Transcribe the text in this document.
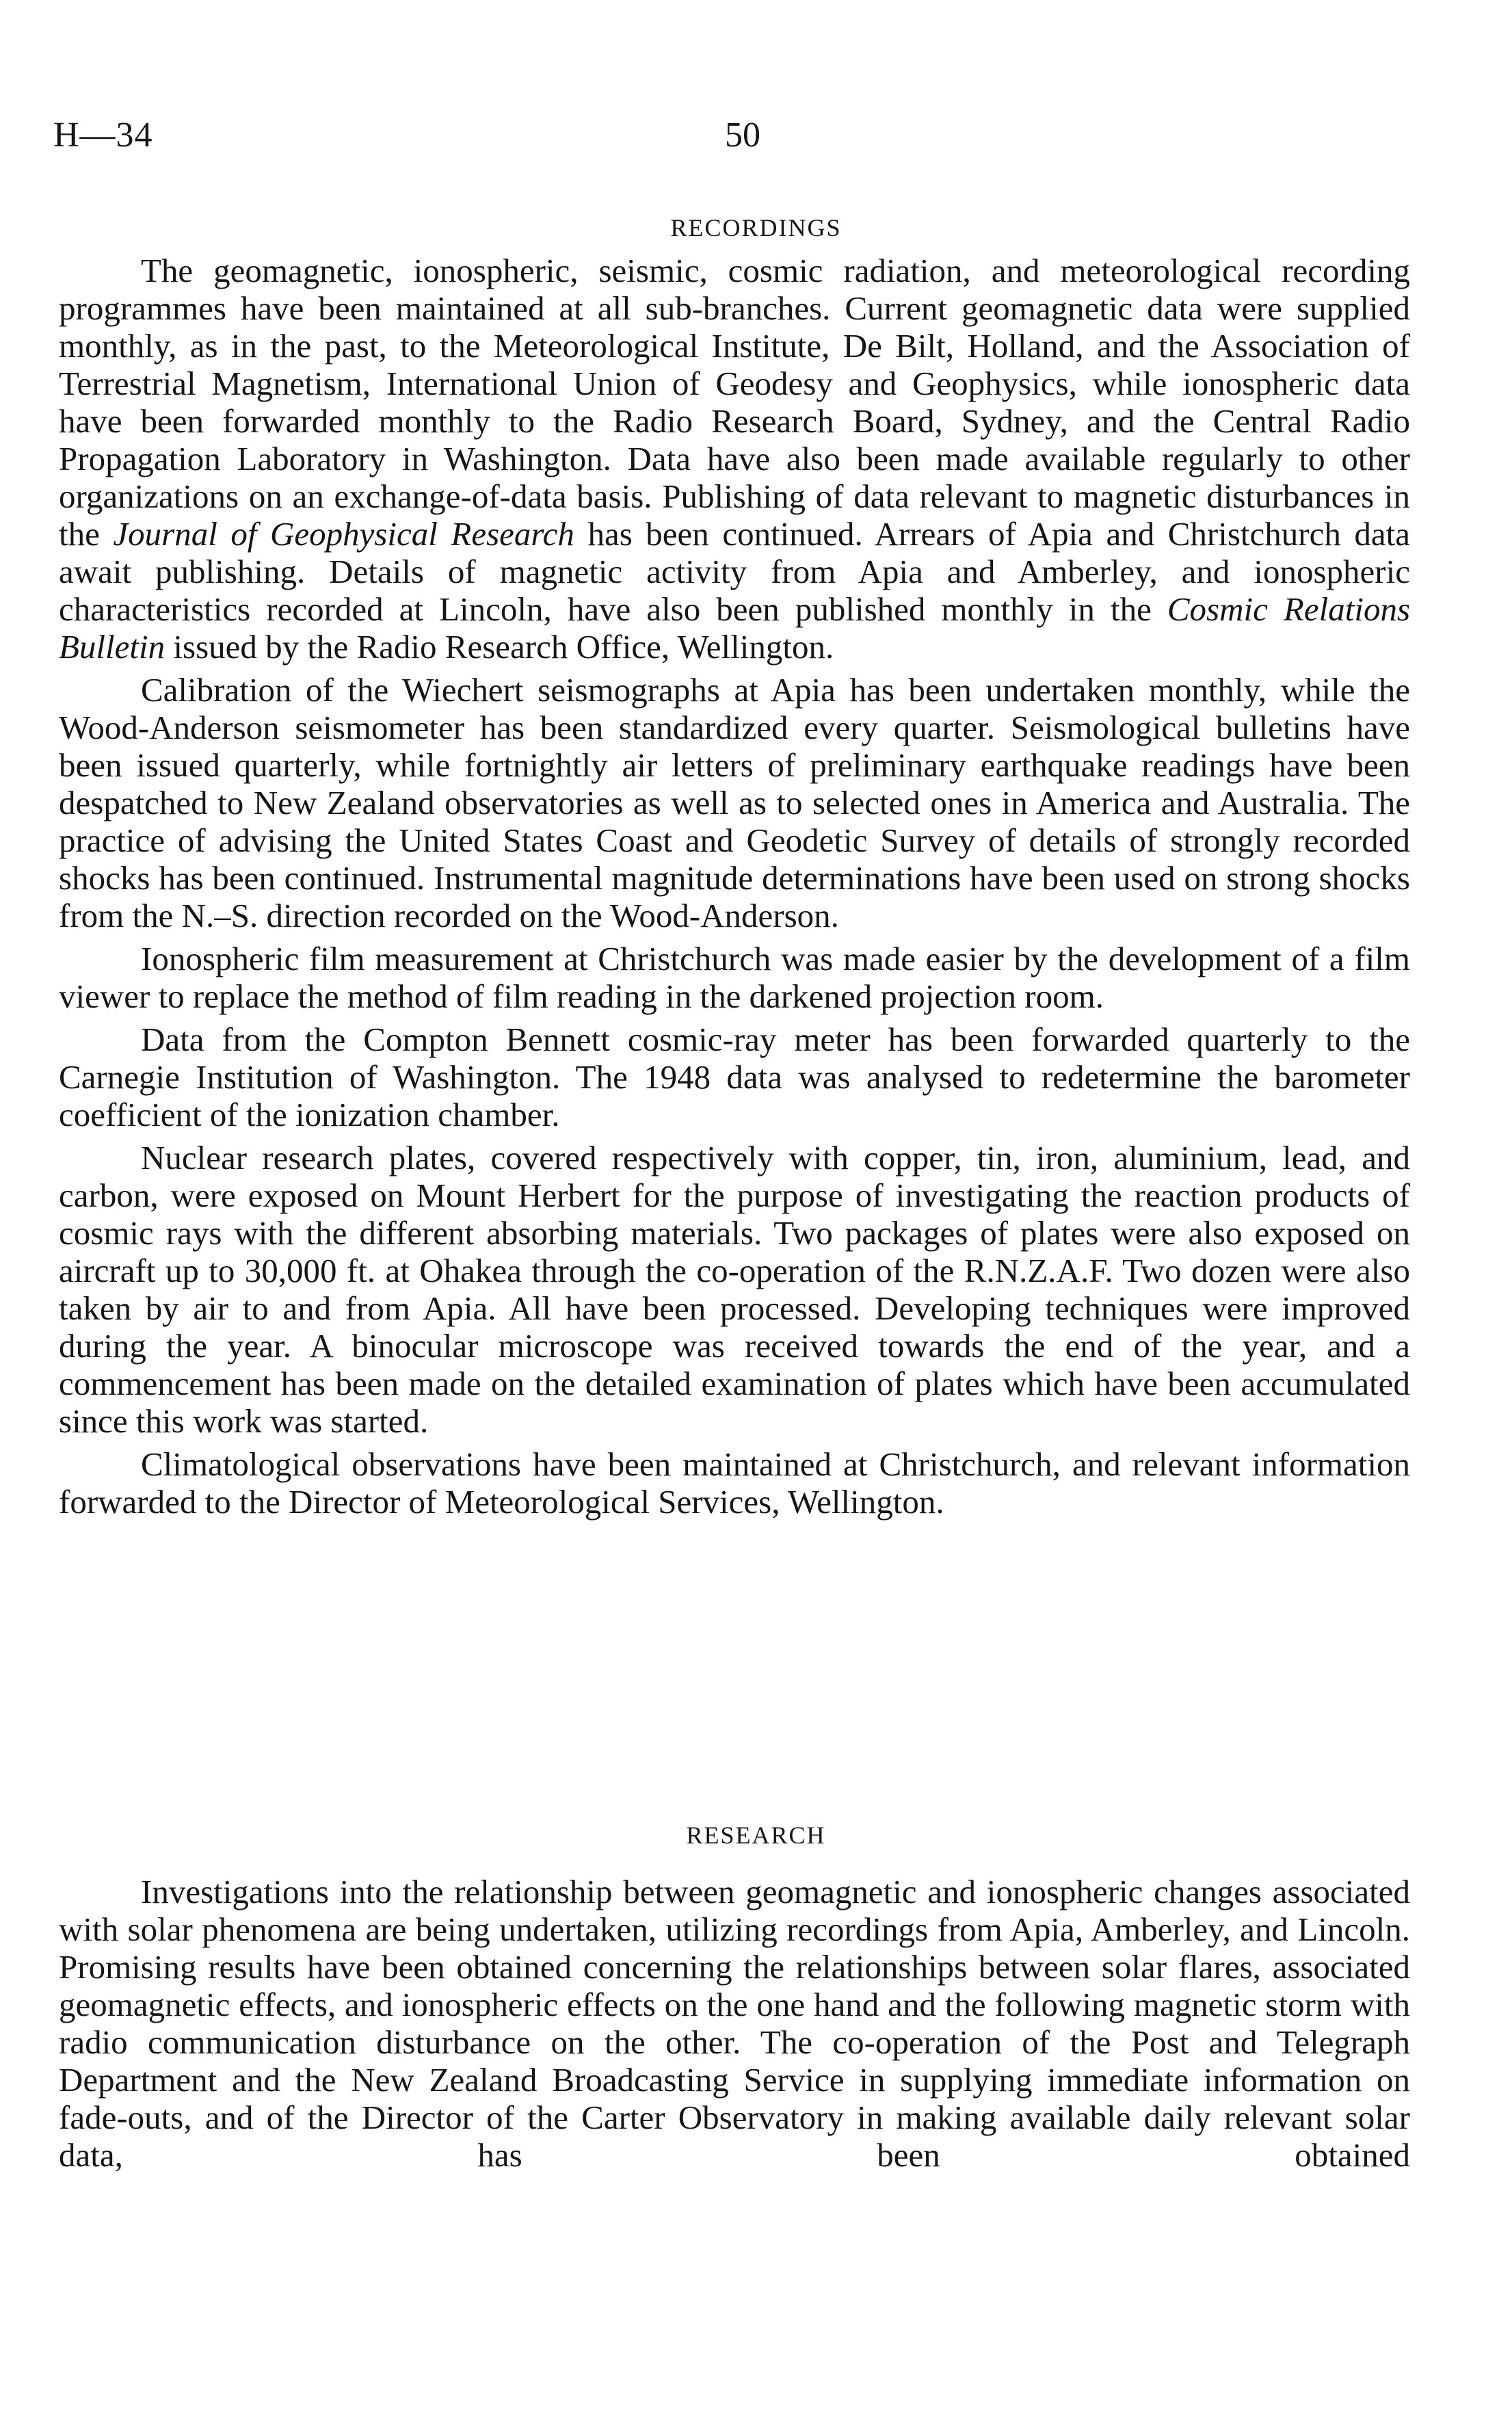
H—34	50
RECORDINGS

The geomagnetic, ionospheric, seismic, cosmic radiation, and meteorological recording programmes have been maintained at all sub-branches. Current geomagnetic data were supplied monthly, as in the past, to the Meteorological Institute, De Bilt, Holland, and the Association of Terrestrial Magnetism, International Union of Geodesy and Geophysics, while ionospheric data have been forwarded monthly to the Radio Research Board, Sydney, and the Central Radio Propagation Laboratory in Washington. Data have also been made available regularly to other organizations on an exchange-of-data basis. Publishing of data relevant to magnetic disturbances in the Journal of Geophysical Research has been continued. Arrears of Apia and Christchurch data await publishing. Details of magnetic activity from Apia and Amberley, and ionospheric characteristics recorded at Lincoln, have also been published monthly in the Cosmic Relations Bulletin issued by the Radio Research Office, Wellington.

Calibration of the Wiechert seismographs at Apia has been undertaken monthly, while the Wood-Anderson seismometer has been standardized every quarter. Seismological bulletins have been issued quarterly, while fortnightly air letters of preliminary earthquake readings have been despatched to New Zealand observatories as well as to selected ones in America and Australia. The practice of advising the United States Coast and Geodetic Survey of details of strongly recorded shocks has been continued. Instrumental magnitude determinations have been used on strong shocks from the N.–S. direction recorded on the Wood-Anderson.

Ionospheric film measurement at Christchurch was made easier by the development of a film viewer to replace the method of film reading in the darkened projection room.

Data from the Compton Bennett cosmic-ray meter has been forwarded quarterly to the Carnegie Institution of Washington. The 1948 data was analysed to redetermine the barometer coefficient of the ionization chamber.

Nuclear research plates, covered respectively with copper, tin, iron, aluminium, lead, and carbon, were exposed on Mount Herbert for the purpose of investigating the reaction products of cosmic rays with the different absorbing materials. Two packages of plates were also exposed on aircraft up to 30,000 ft. at Ohakea through the co-operation of the R.N.Z.A.F. Two dozen were also taken by air to and from Apia. All have been processed. Developing techniques were improved during the year. A binocular microscope was received towards the end of the year, and a commencement has been made on the detailed examination of plates which have been accumulated since this work was started.

Climatological observations have been maintained at Christchurch, and relevant information forwarded to the Director of Meteorological Services, Wellington.

RESEARCH

Investigations into the relationship between geomagnetic and ionospheric changes associated with solar phenomena are being undertaken, utilizing recordings from Apia, Amberley, and Lincoln. Promising results have been obtained concerning the relationships between solar flares, associated geomagnetic effects, and ionospheric effects on the one hand and the following magnetic storm with radio communication disturbance on the other. The co-operation of the Post and Telegraph Department and the New Zealand Broadcasting Service in supplying immediate information on fade-outs, and of the Director of the Carter Observatory in making available daily relevant solar data, has been obtained
